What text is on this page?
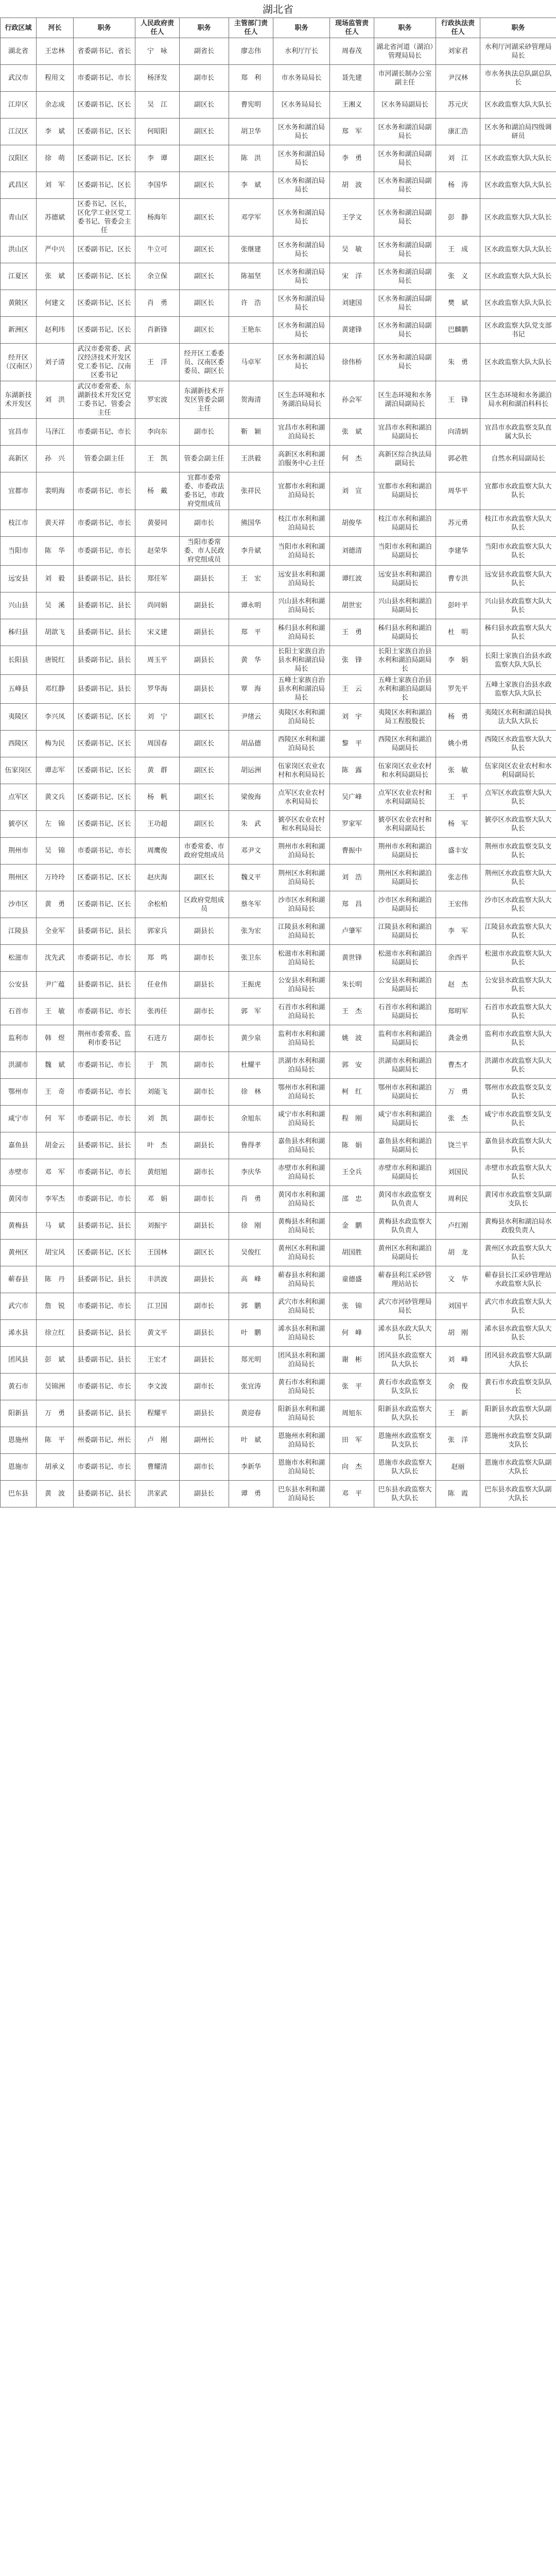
湖北省
行政区域	河长	职务	人民政府责任人	职务	主管部门责任人	职务	现场监管责任人	职务	行政执法责任人	职务
湖北省	王忠林	省委副书记、省长	宁　咏	副省长	廖志伟	水利厅厅长	周春茂	湖北省河道（湖泊）管理局局长	刘家君	水利厅河湖采砂管理局局长
武汉市	程用文	市委副书记、市长	杨泽发	副市长	郑　利	市水务局局长	聂先建	市河湖长制办公室副主任	尹汉林	市水务执法总队副总队长
江岸区	余志成	区委副书记、区长	吴　江	副区长	曹宪明	区水务局局长	王湘义	区水务局副局长	苏元庆	区水政监察大队大队长
江汉区	李　斌	区委副书记、区长	何昭阳	副区长	胡卫华	区水务和湖泊局局长	郑　军	区水务和湖泊局副局长	康汇浩	区水务和湖泊局四级调研员
汉阳区	徐　萌	区委副书记、区长	李　谭	副区长	陈　洪	区水务和湖泊局局长	李　勇	区水务和湖泊局副局长	刘　江	区水政监察大队大队长
武昌区	刘　军	区委副书记、区长	李国华	副区长	李　斌	区水务和湖泊局局长	胡　波	区水务和湖泊局副局长	杨　涛	区水政监察大队大队长
青山区	苏德斌	区委书记、区长，区化学工业区党工委书记、管委会主任	杨海年	副区长	邓学军	区水务和湖泊局局长	王学文	区水务和湖泊局副局长	彭　静	区水政监察大队大队长
洪山区	严中兴	区委副书记、区长	牛立可	副区长	张继建	区水务和湖泊局局长	吴　敏	区水务和湖泊局副局长	王　成	区水政监察大队大队长
江夏区	张　斌	区委副书记、区长	余立保	副区长	陈福坚	区水务和湖泊局局长	宋　洋	区水务和湖泊局副局长	张　义	区水政监察大队大队长
黄陂区	何建文	区委副书记、区长	肖　勇	副区长	许　浩	区水务和湖泊局局长	刘建国	区水务和湖泊局副局长	樊　斌	区水政监察大队大队长
新洲区	赵利玮	区委副书记、区长	肖新锋	副区长	王艳东	区水务和湖泊局局长	黄建锋	区水务和湖泊局副局长	巴麟鹏	区水政监察大队党支部书记
经开区（汉南区）	刘子清	武汉市委常委、武汉经济技术开发区党工委书记、汉南区委书记	王　洋	经开区工委委员、汉南区委委员、副区长	马卓军	区水务和湖泊局局长	徐伟桥	区水务和湖泊局副局长	朱　勇	区水政监察大队大队长
东湖新技术开发区	刘　洪	武汉市委常委、东湖新技术开发区党工委书记、管委会主任	罗宏波	东湖新技术开发区管委会副主任	贺海清	区生态环境和水务湖泊局局长	孙会军	区生态环境和水务湖泊局副局长	王　锋	区生态环境和水务湖泊局水利和湖泊科科长
宜昌市	马泽江	市委副书记、市长	李向东	副市长	靳　颖	宜昌市水利和湖泊局局长	张　斌	宜昌市水利和湖泊局副局长	向清炳	宜昌市水政监察支队直属大队长
高新区	孙　兴	管委会副主任	王　凯	管委会副主任	王洪毅	高新区水利和湖泊服务中心主任	何　杰	高新区综合执法局副局长	郭必胜	自然水利局副局长
宜都市	裴明海	市委副书记、市长	杨　戴	宜都市委常委、市委政法委书记，市政府党组成员	张祥民	宜都市水利和湖泊局局长	刘　宣	宜都市水利和湖泊局副局长	周华平	宜都市水政监察大队大队长
枝江市	黄天祥	市委副书记、市长	黄晏同	副市长	熊国华	枝江市水利和湖泊局局长	胡俊华	枝江市水利和湖泊局副局长	苏元勇	枝江市水政监察大队大队长
当阳市	陈　华	市委副书记、市长	赵荣华	当阳市委常委、市人民政府党组成员	李升斌	当阳市水利和湖泊局局长	刘德清	当阳市水利和湖泊局副局长	李建华	当阳市水政监察大队大队长
远安县	刘　毅	县委副书记、县长	郑任军	副县长	王　宏	远安县水利和湖泊局局长	谭红波	远安县水利和湖泊局副局长	曹专洪	远安县水政监察大队大队长
兴山县	吴　溪	县委副书记、县长	尚同娟	副县长	谭永明	兴山县水利和湖泊局局长	胡世宏	兴山县水利和湖泊局副局长	彭叶平	兴山县水政监察大队大队长
秭归县	胡歆飞	县委副书记、县长	宋义建	副县长	郑　平	秭归县水利和湖泊局局长	王　勇	秭归县水利和湖泊局副局长	杜　明	秭归县水政监察大队大队长
长阳县	唐锐红	县委副书记、县长	周玉平	副县长	黄　华	长阳土家族自治县水利和湖泊局局长	张　锋	长阳土家族自治县水利和湖泊局副局长	李　娟	长阳土家族自治县水政监察大队大队长
五峰县	邓红静	县委副书记、县长	罗华海	副县长	覃　海	五峰土家族自治县水利和湖泊局局长	王　云	五峰土家族自治县水利和湖泊局副局长	罗先平	五峰土家族自治县水政监察大队大队长
夷陵区	李兴凤	区委副书记、区长	刘　宁	副区长	尹绪云	夷陵区水利和湖泊局局长	刘　宇	夷陵区水利和湖泊局工程股股长	杨　勇	夷陵区水利和湖泊局执法大队大队长
西陵区	梅为民	区委副书记、区长	周国春	副区长	胡品德	西陵区水利和湖泊局局长	黎　平	西陵区水利和湖泊局副局长	姚小勇	西陵区水政监察大队大队长
伍家岗区	谭志军	区委副书记、区长	黄　群	副区长	胡运洲	伍家岗区农业农村和水利局局长	陈　露	伍家岗区农业农村和水利局副局长	张　敏	伍家岗区农业农村和水利局副局长
点军区	黄文兵	区委副书记、区长	杨　帆	副区长	梁俊海	点军区农业农村水利局局长	吴广峰	点军区农业农村和水利局副局长	王　平	点军区水政监察大队大队长
猇亭区	左　锦	区委副书记、区长	王功超	副区长	朱　武	猇亭区农业农村和水利局局长	罗家军	猇亭区农业农村和水利局副局长	杨　军	猇亭区水政监察大队大队长
荆州市	吴　锦	市委副书记、市长	周鹰俊	市委常委、市政府党组成员	邓尹文	荆州市水利和湖泊局局长	曹振中	荆州市水利和湖泊局副局长	盛丰安	荆州市水政监察支队支队长
荆州区	万玲玲	区委副书记、区长	赵庆海	副区长	魏义平	荆州区水利和湖泊局局长	刘　浩	荆州区水利和湖泊局副局长	张志伟	荆州区水政监察大队大队长
沙市区	黄　勇	区委副书记、区长	余松柏	区政府党组成员	蔡冬军	沙市区水利和湖泊局局长	郑　昌	沙市区水利和湖泊局副局长	王宏伟	沙市区水政监察大队大队长
江陵县	全业军	县委副书记、县长	郭家兵	副县长	张为宏	江陵县水利和湖泊局局长	卢肇军	江陵县水利和湖泊局副局长	李　军	江陵县水政监察大队大队长
松滋市	沈先武	市委副书记、市长	郑　鸣	副市长	张卫东	松滋市水利和湖泊局局长	黄世锋	松滋市水利和湖泊局副局长	余西平	松滋市水政监察大队大队长
公安县	尹广蕴	县委副书记、县长	任业伟	副县长	王振虎	公安县水利和湖泊局局长	朱长明	公安县水利和湖泊局副局长	赵　杰	公安县水政监察大队大队长
石首市	王　敏	市委副书记、市长	张再任	副市长	郭　军	石首市水利和湖泊局局长	王　杰	石首市水利和湖泊局副局长	郑明军	石首市水政监察大队大队长
监利市	韩　煜	荆州市委常委、监利市委书记	石进方	副市长	黄少泉	监利市水利和湖泊局局长	姚　波	监利市水利和湖泊局副局长	龚金勇	监利市水政监察大队大队长
洪湖市	魏　斌	市委副书记、市长	于　凯	副市长	杜耀平	洪湖市水利和湖泊局局长	郭　安	洪湖市水利和湖泊局副局长	曹杰才	洪湖市水政监察大队大队长
鄂州市	王　奇	市委副书记、市长	刘能飞	副市长	徐　林	鄂州市水利和湖泊局局长	柯　红	鄂州市水利和湖泊局副局长	万　勇	鄂州市水政监察支队支队长
咸宁市	何　军	市委副书记、市长	刘　凯	副市长	余旭东	咸宁市水利和湖泊局局长	程　刚	咸宁市水利和湖泊局副局长	张　杰	咸宁市水政监察支队支队长
嘉鱼县	胡金云	县委副书记、县长	叶　杰	副县长	鲁得孝	嘉鱼县水利和湖泊局局长	陈　娟	嘉鱼县水利和湖泊局副局长	饶兰平	嘉鱼县水政监察大队大队长
赤壁市	邓　军	市委副书记、市长	黄绍旭	副市长	李庆华	赤壁市水利和湖泊局局长	王全兵	赤壁市水利和湖泊局副局长	刘国民	赤壁市水政监察大队大队长
黄冈市	李军杰	市委副书记、市长	邓　娟	副市长	肖　勇	黄冈市水利和湖泊局局长	邵　忠	黄冈市水政监察支队负责人	周利民	黄冈市水政监察支队副支队长
黄梅县	马　斌	县委副书记、县长	刘振宇	副县长	徐　刚	黄梅县水利和湖泊局局长	金　鹏	黄梅县水政监察大队负责人	卢红刚	黄梅县水利和湖泊局水政股负责人
黄州区	胡宝风	区委副书记、区长	王国林	副区长	吴俊红	黄州区水利和湖泊局局长	胡国胜	黄州区水利和湖泊局副局长	胡　龙	黄州区水政监察大队大队长
蕲春县	陈　丹	县委副书记、县长	丰洪波	副县长	高　峰	蕲春县水利和湖泊局局长	童德盛	蕲春县利江采砂管理站站长	文　华	蕲春县长江采砂管理站水政监察大队长
武穴市	詹　锐	市委副书记、市长	江卫国	副市长	郭　鹏	武穴市水利和湖泊局局长	张　锦	武穴市河砂管理局局长	刘国平	武穴市水政监察大队大队长
浠水县	徐立红	县委副书记、县长	黄文平	副县长	叶　鹏	浠水县水利和湖泊局局长	何　峰	浠水县水政大队大队长	胡　刚	浠水县水政监察大队大队长
团风县	彭　斌	县委副书记、县长	王宏才	副县长	郑光明	团风县水利和湖泊局局长	谢　彬	团风县水政监察大队大队长	刘　峰	团风县水政监察大队副大队长
黄石市	吴锦洲	市委副书记、市长	李文波	副市长	张宜涛	黄石市水利和湖泊局局长	张　平	黄石市水政监察支队支队长	余　俊	黄石市水政监察支队队长
阳新县	万　勇	县委副书记、县长	程耀平	副县长	黄迎春	阳新县水利和湖泊局局长	周旭东	阳新县水政监察大队大队长	王　新	阳新县水政监察大队副大队长
恩施州	陈　平	州委副书记、州长	卢　刚	副州长	叶　斌	恩施州水利和湖泊局局长	田　军	恩施州水政监察支队支队长	张　洋	恩施州水政监察支队副支队长
恩施市	胡承义	市委副书记、市长	曹耀清	副市长	李新华	恩施市水利和湖泊局局长	向　杰	恩施市水政监察大队大队长	赵丽	恩施市水政监察大队副大队长
巴东县	黄　波	县委副书记、县长	洪家武	副县长	谭　勇	巴东县水利和湖泊局局长	邓　平	巴东县水政监察大队大队长	陈　霞	巴东县水政监察大队副大队长
